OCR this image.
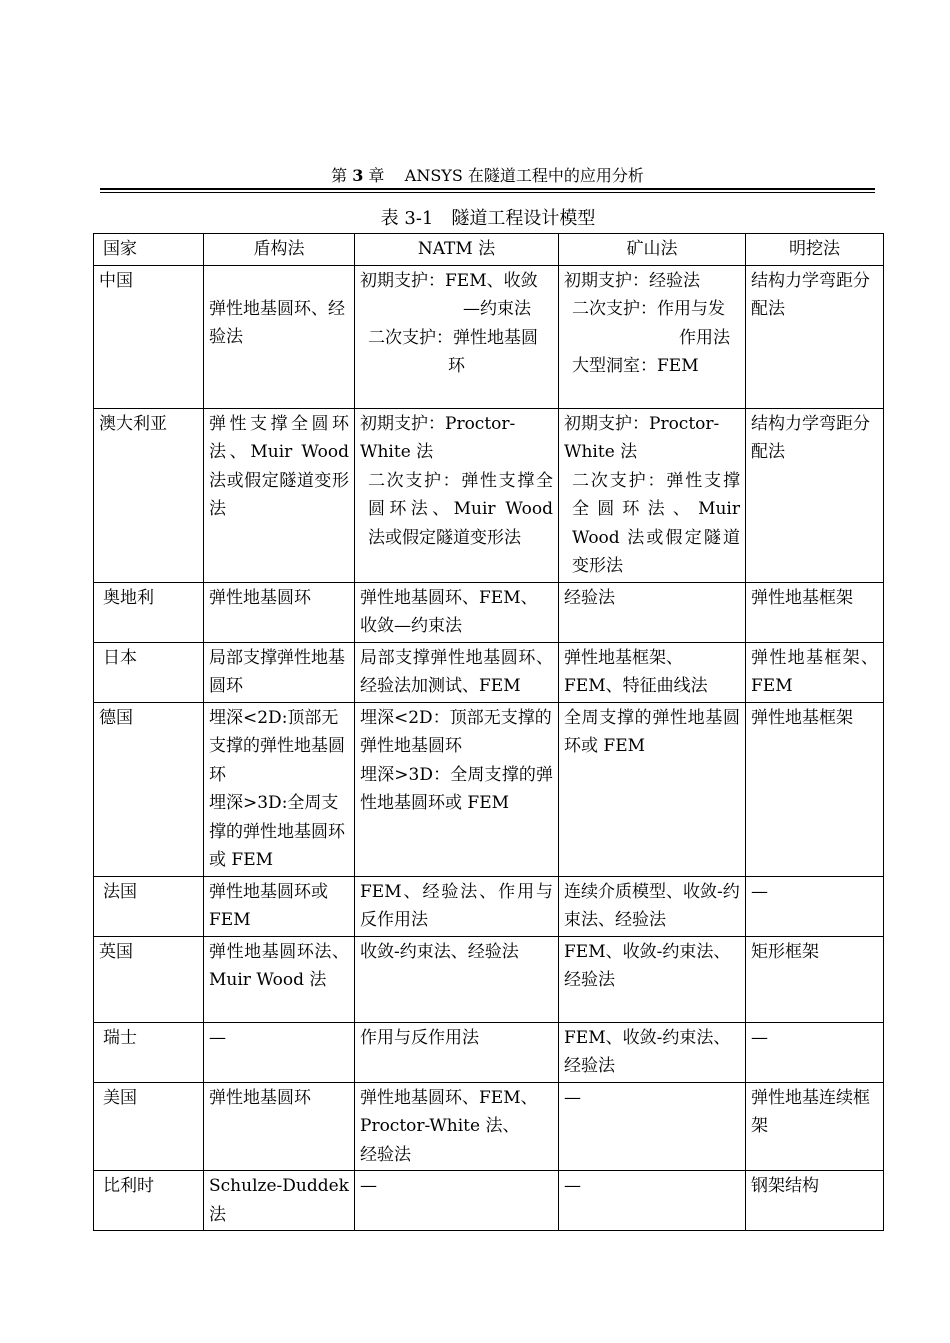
第 3 章 ANSYS 在隧道工程中的应用分析
表 3-1　隧道工程设计模型
国家	盾构法	NATM 法	矿山法	明挖法
中国	弹性地基圆环、经验法	初期支护：FEM、收敛
—约束法
二次支护：弹性地基圆
环	初期支护：经验法
二次支护：作用与发
作用法
大型洞室：FEM	结构力学弯距分配法
澳大利亚	弹性支撑全圆环法、Muir Wood 法或假定隧道变形法	初期支护：Proctor-White 法
二次支护：弹性支撑全圆环法、Muir Wood 法或假定隧道变形法	初期支护：Proctor-White 法
二次支护：弹性支撑全圆环法、Muir Wood 法或假定隧道变形法	结构力学弯距分配法
奥地利	弹性地基圆环	弹性地基圆环、FEM、收敛—约束法	经验法	弹性地基框架
日本	局部支撑弹性地基圆环	局部支撑弹性地基圆环、经验法加测试、FEM	弹性地基框架、FEM、特征曲线法	弹性地基框架、FEM
德国	埋深<2D:顶部无支撑的弹性地基圆环
埋深>3D:全周支撑的弹性地基圆环或 FEM	埋深<2D：顶部无支撑的弹性地基圆环
埋深>3D：全周支撑的弹性地基圆环或 FEM	全周支撑的弹性地基圆环或 FEM	弹性地基框架
法国	弹性地基圆环或 FEM	FEM、经验法、作用与反作用法	连续介质模型、收敛-约束法、经验法	—
英国	弹性地基圆环法、Muir Wood 法	收敛-约束法、经验法	FEM、收敛-约束法、经验法	矩形框架
瑞士	—	作用与反作用法	FEM、收敛-约束法、经验法	—
美国	弹性地基圆环	弹性地基圆环、FEM、
Proctor-White 法、
经验法	—	弹性地基连续框架
比利时	Schulze-Duddek 法	—	—	钢架结构
